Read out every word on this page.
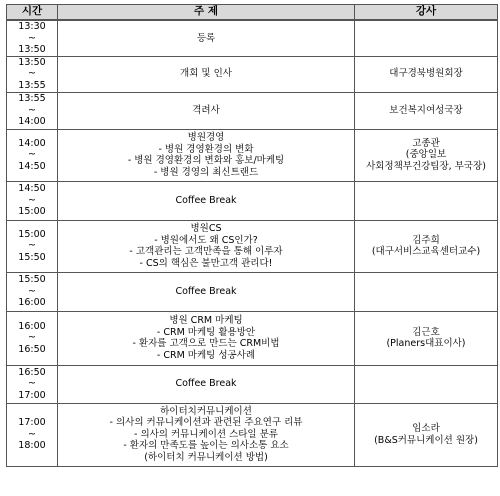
시간	주 제	강사
13:30
~
13:50	등록	
13:50
~
13:55	개회 및 인사	대구경북병원회장
13:55
~
14:00	격려사	보건복지여성국장
14:00
~
14:50	병원경영
- 병원 경영환경의 변화
- 병원 경영환경의 변화와 홍보/마케팅
- 병원 경영의 최신트랜드	고종관
(중앙일보
사회정책부건강팀장, 부국장)
14:50
~
15:00	Coffee Break	
15:00
~
15:50	병원CS
- 병원에서도 왜 CS인가?
- 고객관리는 고객만족을 통해 이루자
- CS의 핵심은 불만고객 관리다!	김주희
(대구서비스교육센터교수)
15:50
~
16:00	Coffee Break	
16:00
~
16:50	병원 CRM 마케팅
- CRM 마케팅 활용방안
- 환자를 고객으로 만드는 CRM비법
- CRM 마케팅 성공사례	김근호
(Planers대표이사)
16:50
~
17:00	Coffee Break	
17:00
~
18:00	하이터치커뮤니케이션
- 의사의 커뮤니케이션과 관련된 주요연구 리뷰
- 의사의 커뮤니케이션 스타일 분류
- 환자의 만족도를 높이는 의사소통 요소
(하이터치 커뮤니케이션 방법)	임소라
(B&S커뮤니케이션 원장)
